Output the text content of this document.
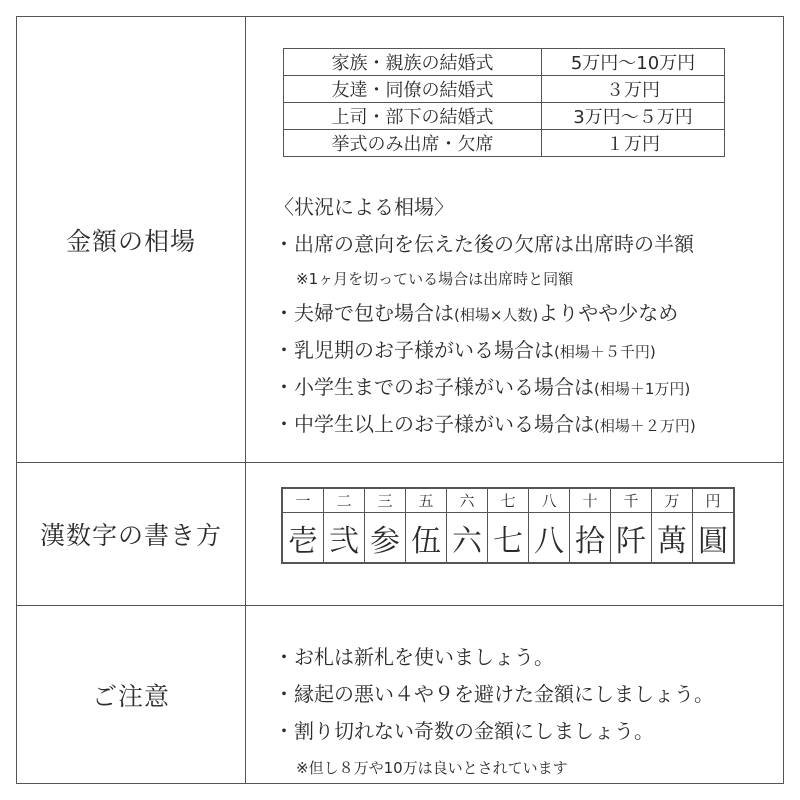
金額の相場
家族・親族の結婚式	5万円〜10万円
友達・同僚の結婚式	３万円
上司・部下の結婚式	3万円〜５万円
挙式のみ出席・欠席	１万円
〈状況による相場〉
・出席の意向を伝えた後の欠席は出席時の半額
※1ヶ月を切っている場合は出席時と同額
・夫婦で包む場合は(相場×人数)よりやや少なめ
・乳児期のお子様がいる場合は(相場＋５千円)
・小学生までのお子様がいる場合は(相場＋1万円)
・中学生以上のお子様がいる場合は(相場＋２万円)
漢数字の書き方
一	二	三	五	六	七	八	十	千	万	円
壱	弐	参	伍	六	七	八	拾	阡	萬	圓
ご注意
・お札は新札を使いましょう。
・縁起の悪い４や９を避けた金額にしましょう。
・割り切れない奇数の金額にしましょう。
※但し８万や10万は良いとされています
